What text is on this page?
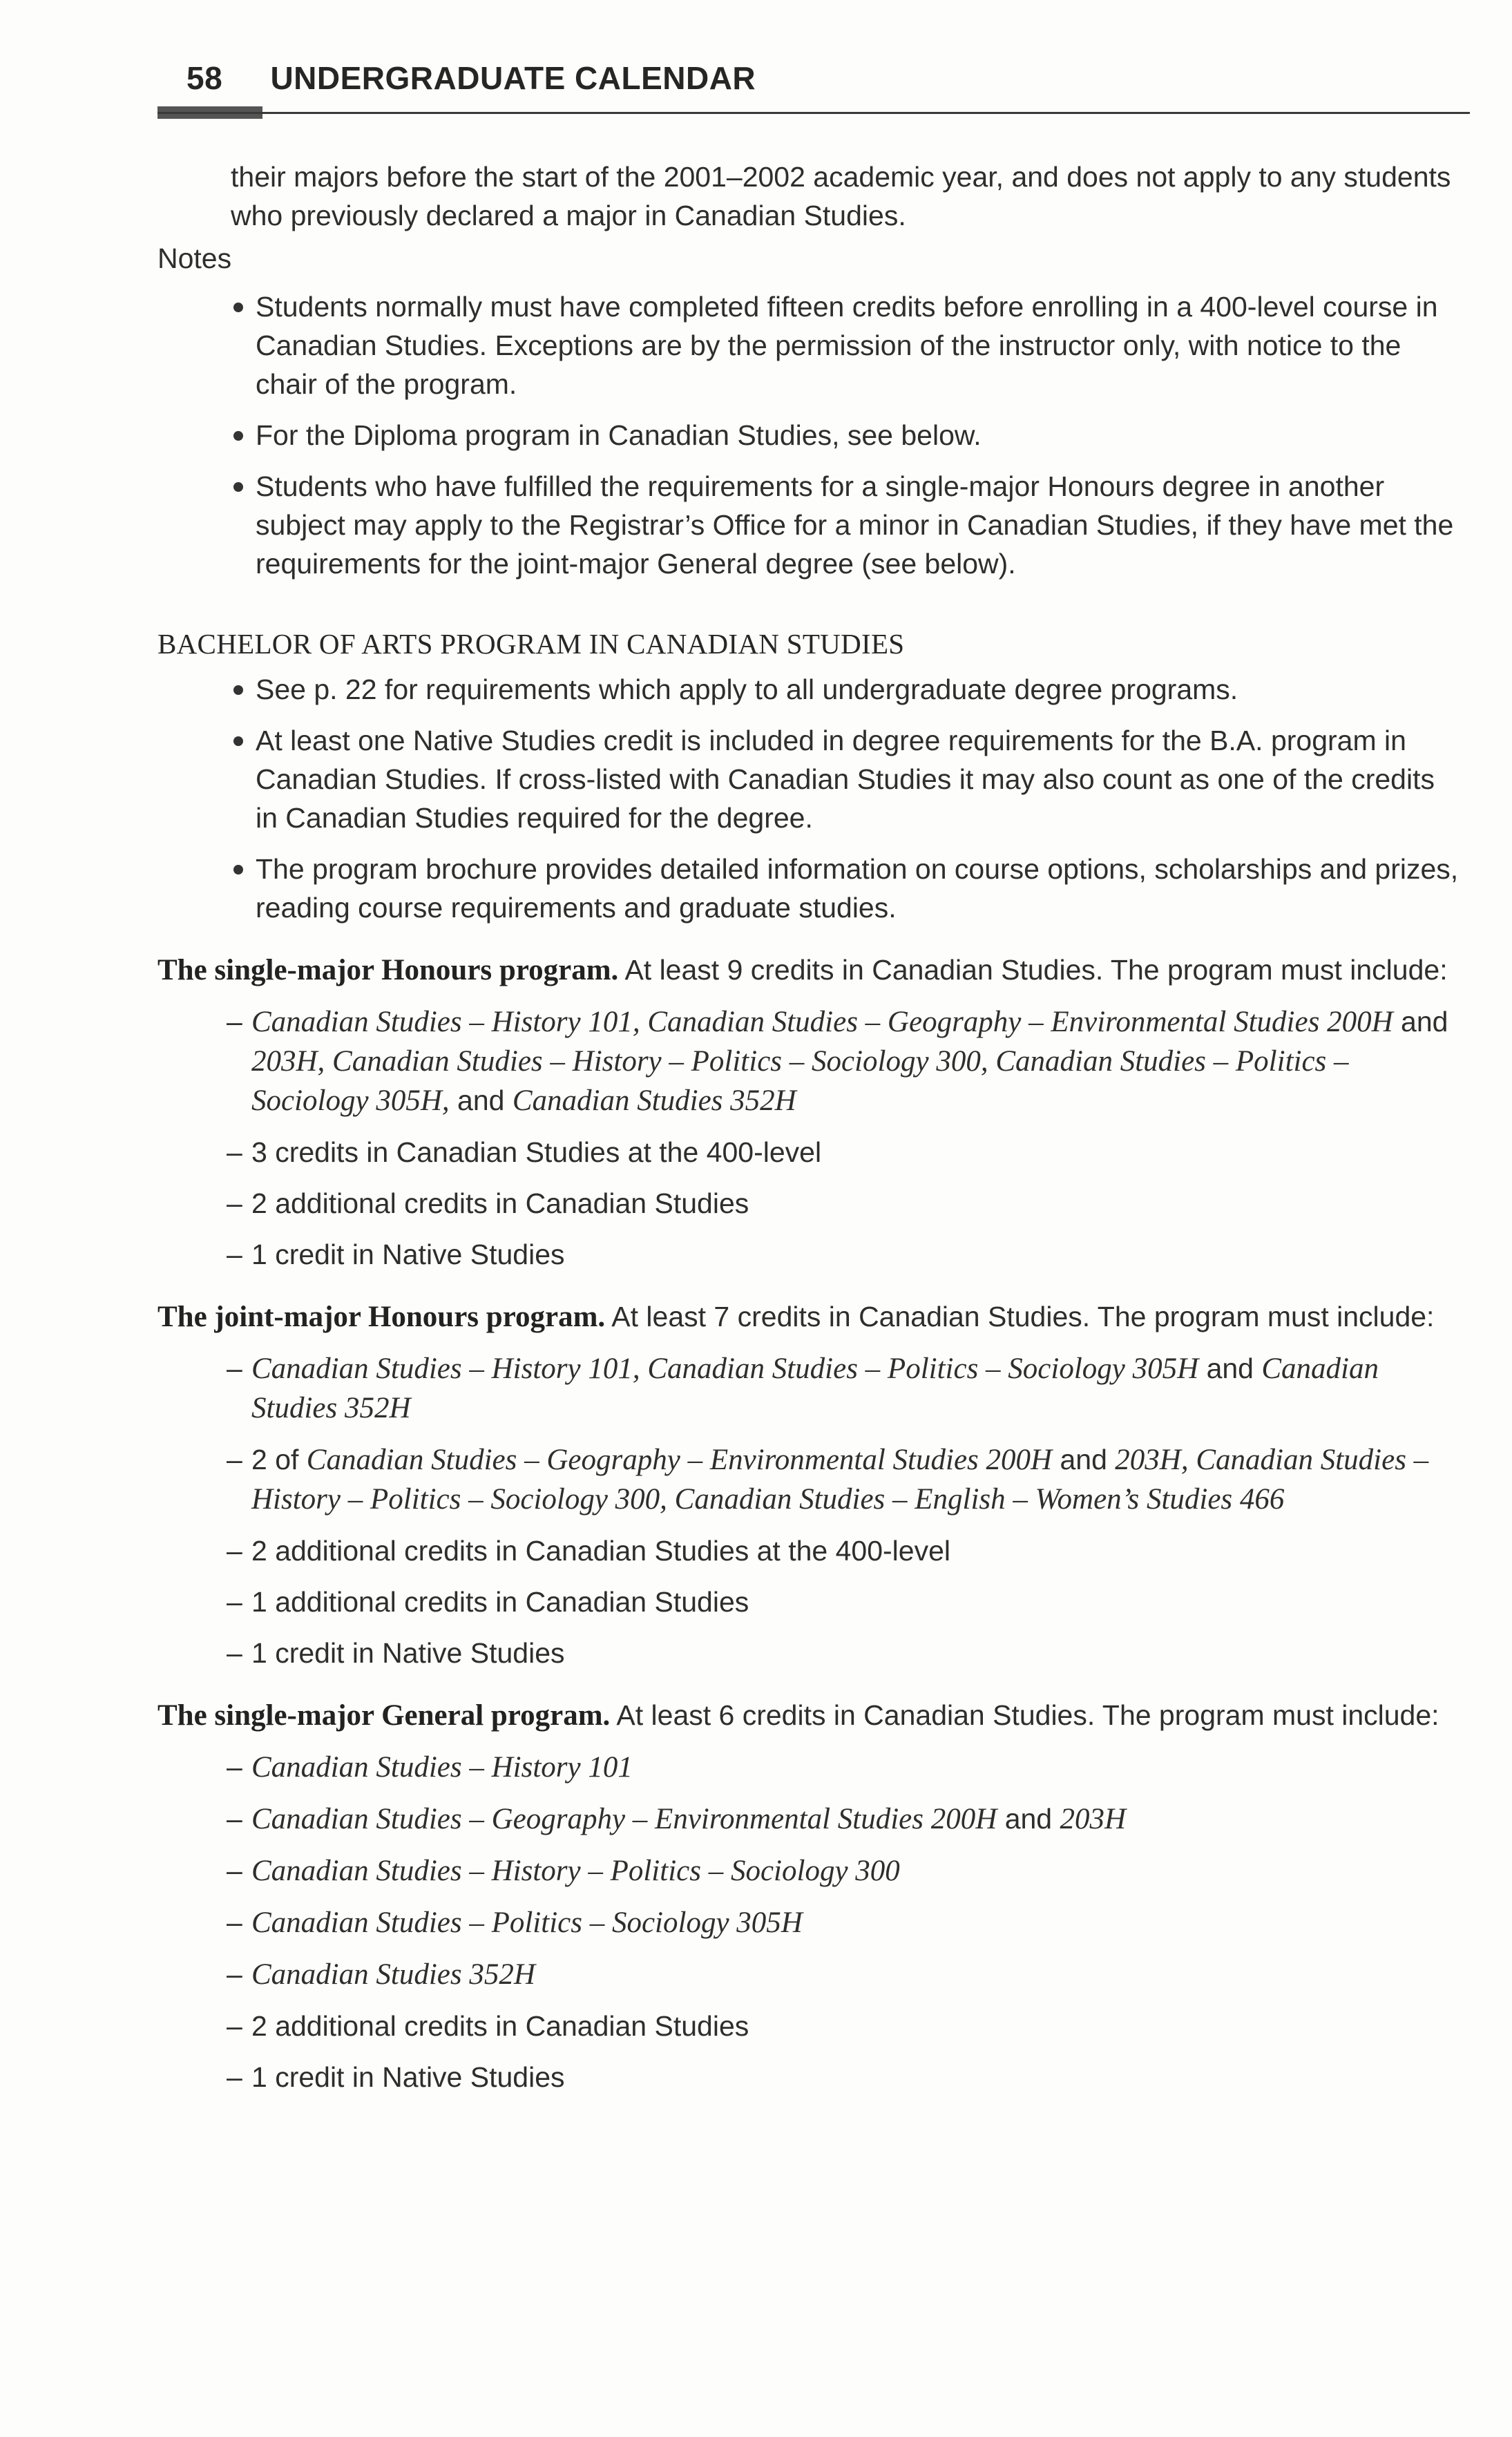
58 UNDERGRADUATE CALENDAR

their majors before the start of the 2001–2002 academic year, and does not apply to any students who previously declared a major in Canadian Studies.

Notes

Students normally must have completed fifteen credits before enrolling in a 400-level course in Canadian Studies. Exceptions are by the permission of the instructor only, with notice to the chair of the program.
For the Diploma program in Canadian Studies, see below.
Students who have fulfilled the requirements for a single-major Honours degree in another subject may apply to the Registrar’s Office for a minor in Canadian Studies, if they have met the requirements for the joint-major General degree (see below).

BACHELOR OF ARTS PROGRAM IN CANADIAN STUDIES

See p. 22 for requirements which apply to all undergraduate degree programs.
At least one Native Studies credit is included in degree requirements for the B.A. program in Canadian Studies. If cross-listed with Canadian Studies it may also count as one of the credits in Canadian Studies required for the degree.
The program brochure provides detailed information on course options, scholarships and prizes, reading course requirements and graduate studies.

The single-major Honours program. At least 9 credits in Canadian Studies. The program must include:

– Canadian Studies – History 101, Canadian Studies – Geography – Environmental Studies 200H and 203H, Canadian Studies – History – Politics – Sociology 300, Canadian Studies – Politics – Sociology 305H, and Canadian Studies 352H
– 3 credits in Canadian Studies at the 400-level
– 2 additional credits in Canadian Studies
– 1 credit in Native Studies

The joint-major Honours program. At least 7 credits in Canadian Studies. The program must include:

– Canadian Studies – History 101, Canadian Studies – Politics – Sociology 305H and Canadian Studies 352H
– 2 of Canadian Studies – Geography – Environmental Studies 200H and 203H, Canadian Studies – History – Politics – Sociology 300, Canadian Studies – English – Women’s Studies 466
– 2 additional credits in Canadian Studies at the 400-level
– 1 additional credits in Canadian Studies
– 1 credit in Native Studies

The single-major General program. At least 6 credits in Canadian Studies. The program must include:

– Canadian Studies – History 101
– Canadian Studies – Geography – Environmental Studies 200H and 203H
– Canadian Studies – History – Politics – Sociology 300
– Canadian Studies – Politics – Sociology 305H
– Canadian Studies 352H
– 2 additional credits in Canadian Studies
– 1 credit in Native Studies
